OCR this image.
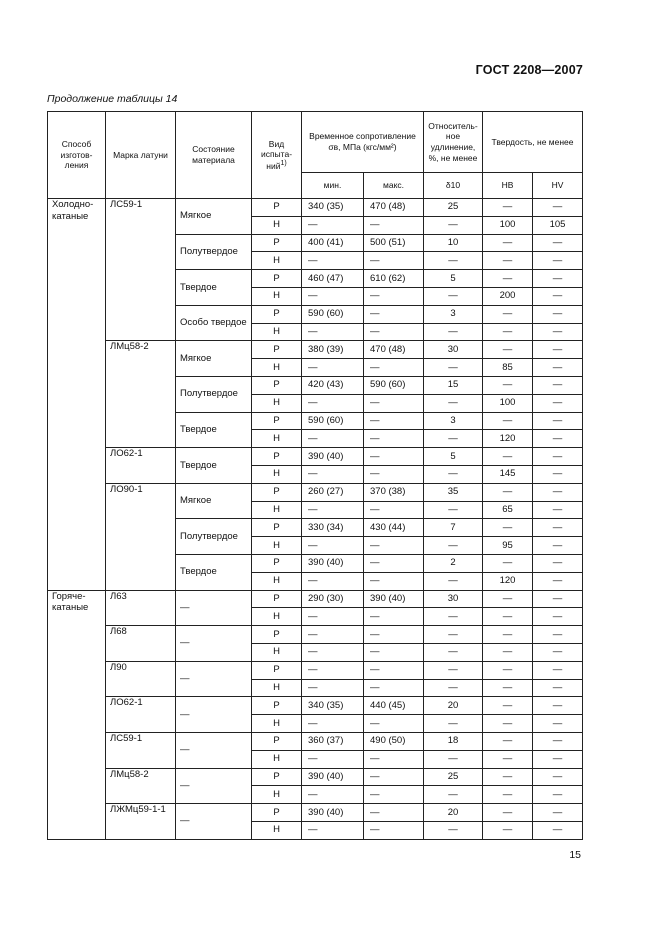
ГОСТ 2208—2007
Продолжение таблицы 14
Способ изготов-ления	Марка латуни	Состояние материала	Вид испыта-ний$^{1)}$	Временное сопротивление σв, МПа (кгс/мм²)		Относитель-ное удлинение, %, не менее	Твердость, не менее	
				мин.	макс.	δ10	HB	HV
Холодно-катаные	ЛС59-1	Мягкое	Р	340 (35)	470 (48)	25	—	—
			Н	—	—	—	100	105
		Полутвердое	Р	400 (41)	500 (51)	10	—	—
			Н	—	—	—	—	—
		Твердое	Р	460 (47)	610 (62)	5	—	—
			Н	—	—	—	200	—
		Особо твердое	Р	590 (60)	—	3	—	—
			Н	—	—	—	—	—
	ЛМц58-2	Мягкое	Р	380 (39)	470 (48)	30	—	—
			Н	—	—	—	85	—
		Полутвердое	Р	420 (43)	590 (60)	15	—	—
			Н	—	—	—	100	—
		Твердое	Р	590 (60)	—	3	—	—
			Н	—	—	—	120	—
	ЛО62-1	Твердое	Р	390 (40)	—	5	—	—
			Н	—	—	—	145	—
	ЛО90-1	Мягкое	Р	260 (27)	370 (38)	35	—	—
			Н	—	—	—	65	—
		Полутвердое	Р	330 (34)	430 (44)	7	—	—
			Н	—	—	—	95	—
		Твердое	Р	390 (40)	—	2	—	—
			Н	—	—	—	120	—
Горяче-катаные	Л63	—	Р	290 (30)	390 (40)	30	—	—
			Н	—	—	—	—	—
	Л68	—	Р	—	—	—	—	—
			Н	—	—	—	—	—
	Л90	—	Р	—	—	—	—	—
			Н	—	—	—	—	—
	ЛО62-1	—	Р	340 (35)	440 (45)	20	—	—
			Н	—	—	—	—	—
	ЛС59-1	—	Р	360 (37)	490 (50)	18	—	—
			Н	—	—	—	—	—
	ЛМц58-2	—	Р	390 (40)	—	25	—	—
			Н	—	—	—	—	—
	ЛЖМц59-1-1	—	Р	390 (40)	—	20	—	—
			Н	—	—	—	—	—
15
